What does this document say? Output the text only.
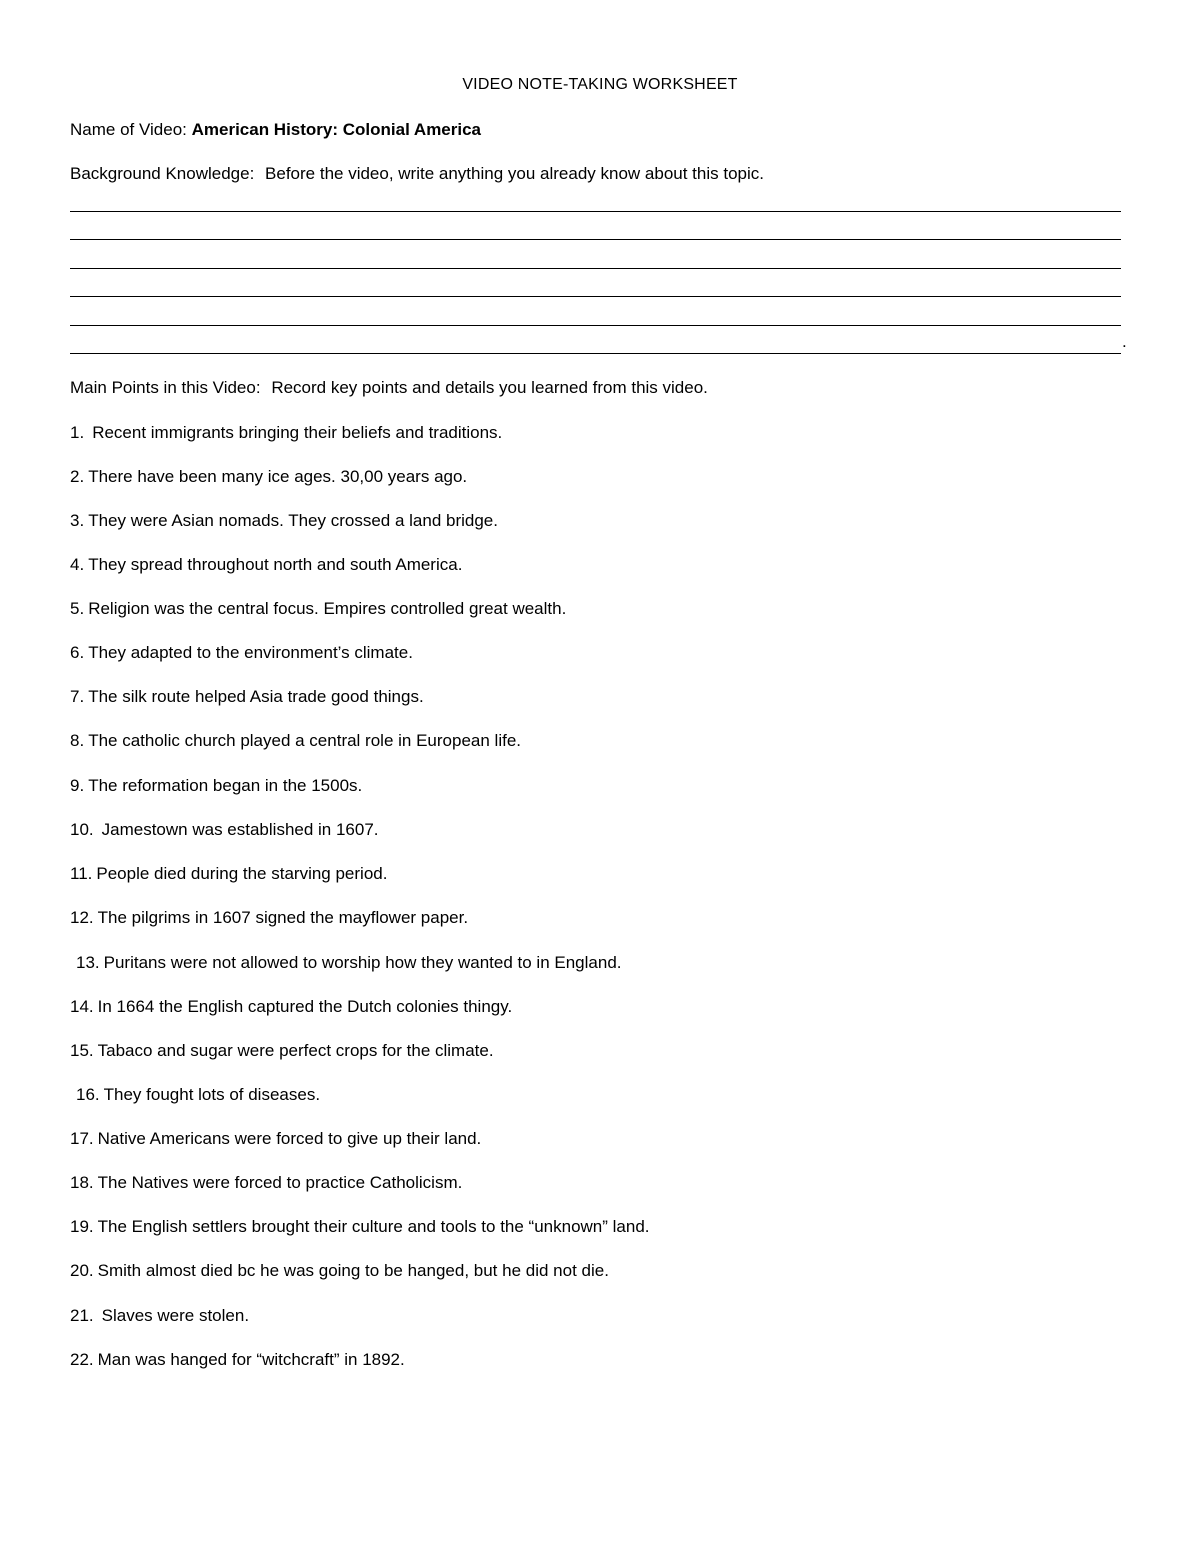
VIDEO NOTE-TAKING WORKSHEET
Name of Video: American History: Colonial America
Background Knowledge: Before the video, write anything you already know about this topic.
.
Main Points in this Video: Record key points and details you learned from this video.
1. Recent immigrants bringing their beliefs and traditions.
2. There have been many ice ages. 30,00 years ago.
3. They were Asian nomads. They crossed a land bridge.
4. They spread throughout north and south America.
5. Religion was the central focus. Empires controlled great wealth.
6. They adapted to the environment’s climate.
7. The silk route helped Asia trade good things.
8. The catholic church played a central role in European life.
9. The reformation began in the 1500s.
10. Jamestown was established in 1607.
11. People died during the starving period.
12. The pilgrims in 1607 signed the mayflower paper.
13. Puritans were not allowed to worship how they wanted to in England.
14. In 1664 the English captured the Dutch colonies thingy.
15. Tabaco and sugar were perfect crops for the climate.
16. They fought lots of diseases.
17. Native Americans were forced to give up their land.
18. The Natives were forced to practice Catholicism.
19. The English settlers brought their culture and tools to the “unknown” land.
20. Smith almost died bc he was going to be hanged, but he did not die.
21. Slaves were stolen.
22. Man was hanged for “witchcraft” in 1892.
